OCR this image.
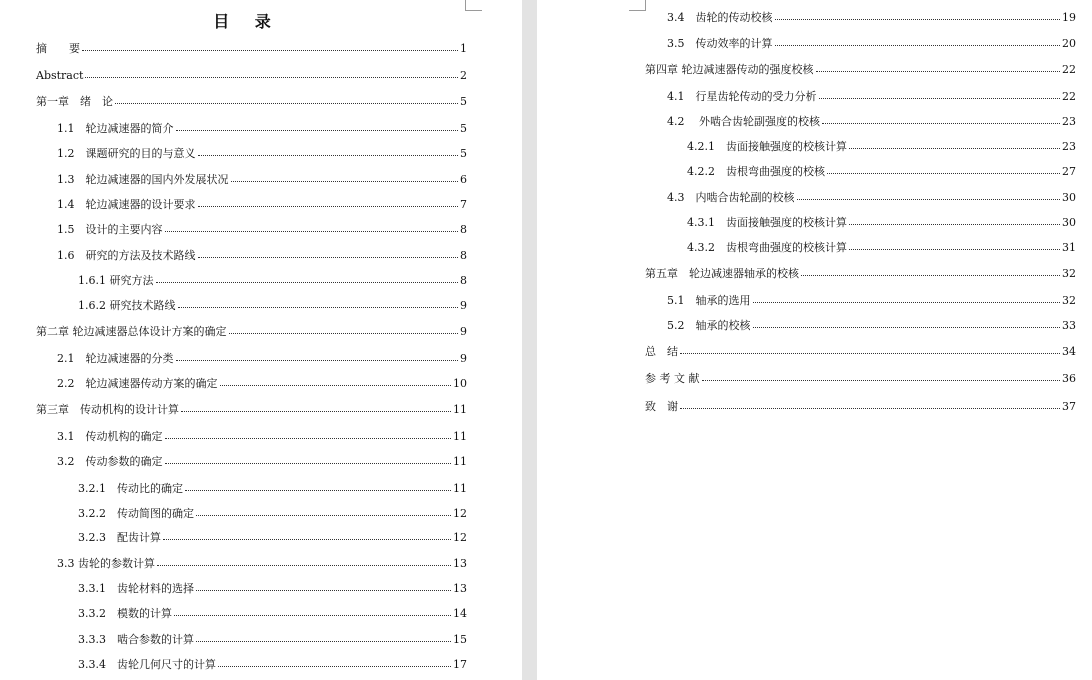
目 录
摘　　要	1
Abstract	2
第一章　绪　论	5
1.1　轮边减速器的简介	5
1.2　课题研究的目的与意义	5
1.3　轮边减速器的国内外发展状况	6
1.4　轮边减速器的设计要求	7
1.5　设计的主要内容	8
1.6　研究的方法及技术路线	8
1.6.1 研究方法	8
1.6.2 研究技术路线	9
第二章 轮边减速器总体设计方案的确定	9
2.1　轮边减速器的分类	9
2.2　轮边减速器传动方案的确定	10
第三章　传动机构的设计计算	11
3.1　传动机构的确定	11
3.2　传动参数的确定	11
3.2.1　传动比的确定	11
3.2.2　传动简图的确定	12
3.2.3　配齿计算	12
3.3 齿轮的参数计算	13
3.3.1　齿轮材料的选择	13
3.3.2　模数的计算	14
3.3.3　啮合参数的计算	15
3.3.4　齿轮几何尺寸的计算	17
3.4　齿轮的传动校核	19
3.5　传动效率的计算	20
第四章 轮边减速器传动的强度校核	22
4.1　行星齿轮传动的受力分析	22
4.2　 外啮合齿轮副强度的校核	23
4.2.1　齿面接触强度的校核计算	23
4.2.2　齿根弯曲强度的校核	27
4.3　内啮合齿轮副的校核	30
4.3.1　齿面接触强度的校核计算	30
4.3.2　齿根弯曲强度的校核计算	31
第五章　轮边减速器轴承的校核	32
5.1　轴承的选用	32
5.2　轴承的校核	33
总　结	34
参 考 文 献	36
致　谢	37
